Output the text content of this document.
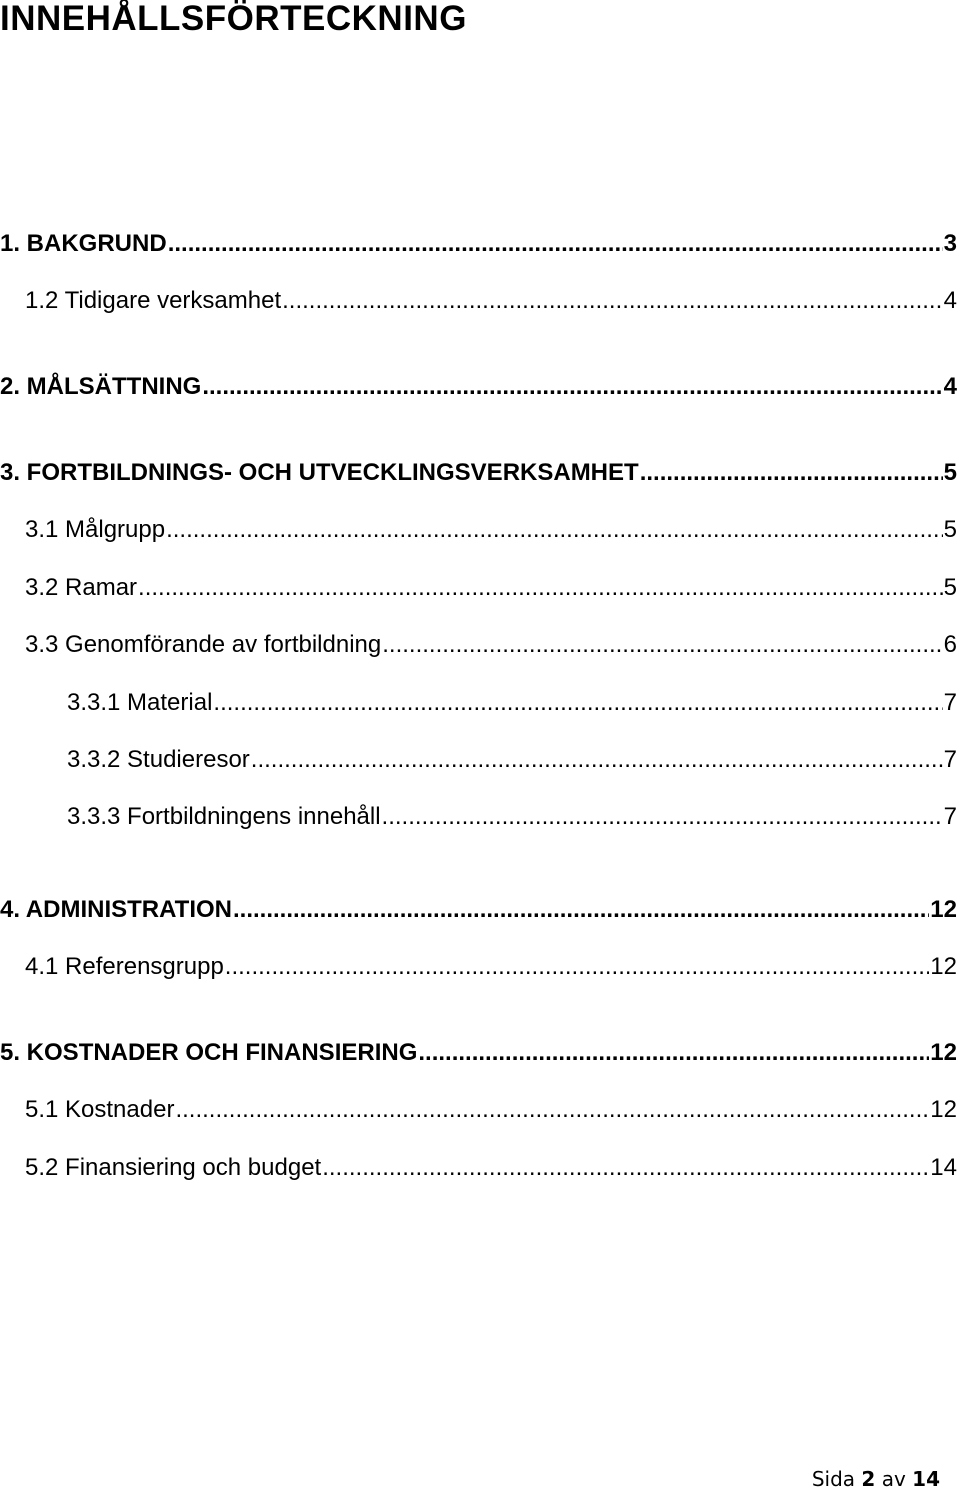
INNEHÅLLSFÖRTECKNING
1. BAKGRUND .....	3
1.2 Tidigare verksamhet .....	4
2. MÅLSÄTTNING .....	4
3. FORTBILDNINGS- OCH UTVECKLINGSVERKSAMHET .....	5
3.1 Målgrupp .....	5
3.2 Ramar .....	5
3.3 Genomförande av fortbildning .....	6
3.3.1 Material .....	7
3.3.2 Studieresor .....	7
3.3.3 Fortbildningens innehåll .....	7
4. ADMINISTRATION .....	12
4.1 Referensgrupp .....	12
5. KOSTNADER OCH FINANSIERING .....	12
5.1 Kostnader .....	12
5.2 Finansiering och budget .....	14
Sida 2 av 14
